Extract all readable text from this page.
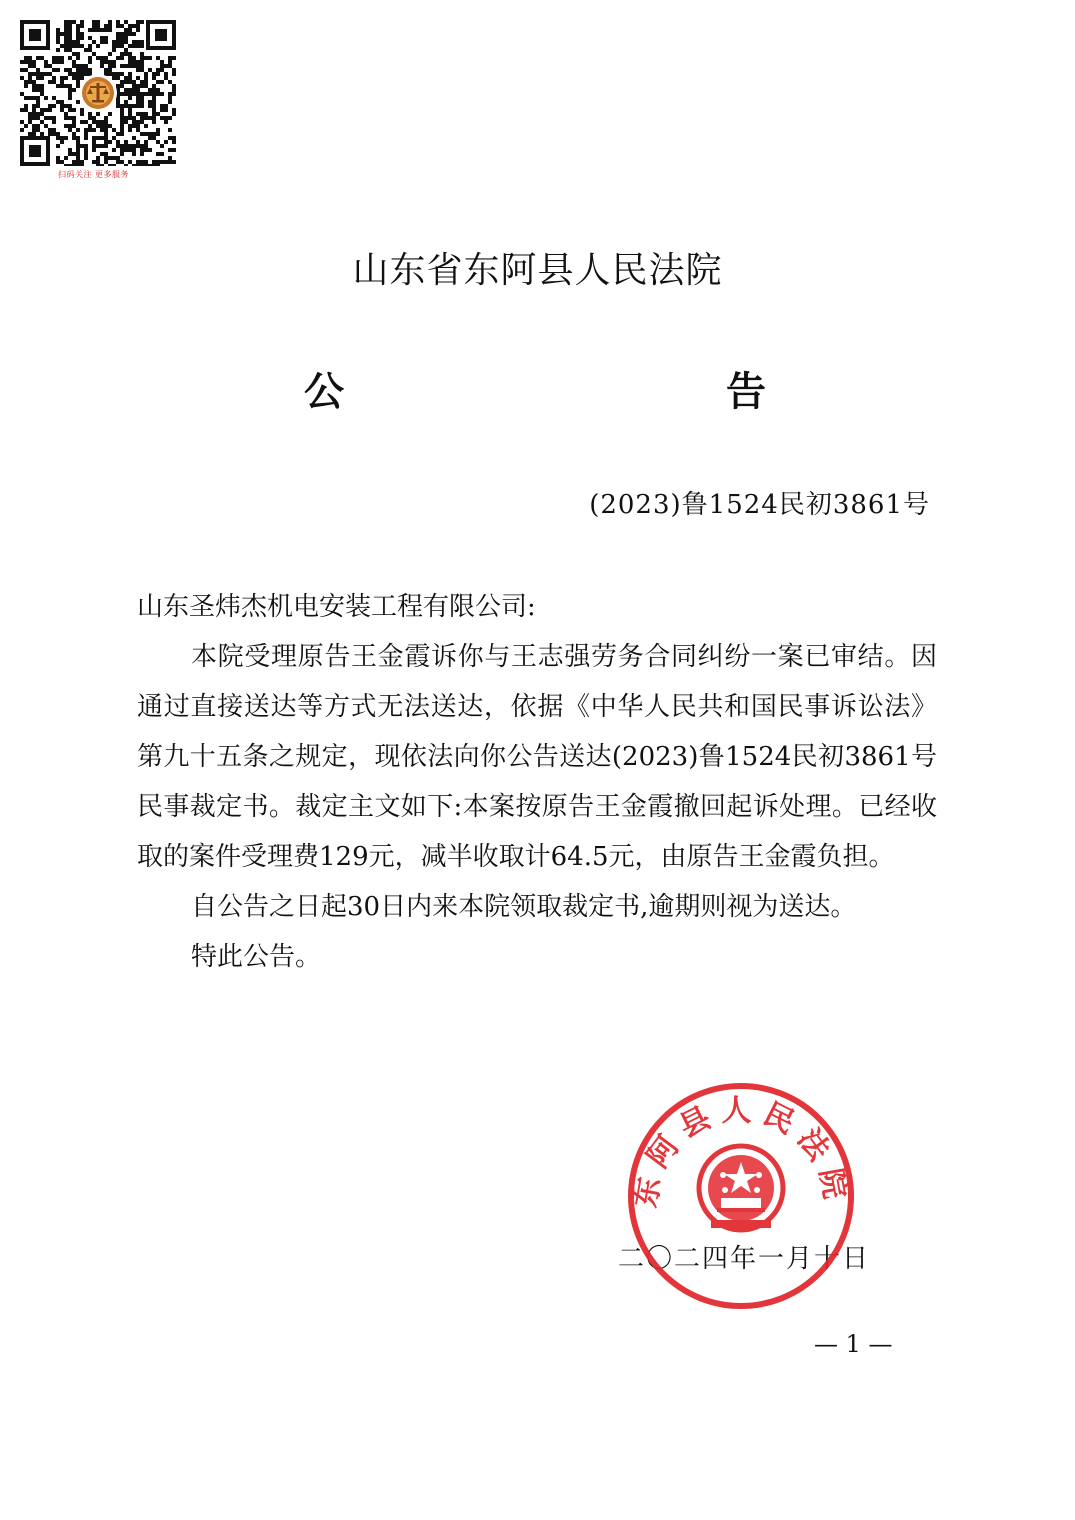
扫码关注 更多服务
山东省东阿县人民法院
公	告
(2023)鲁1524民初3861号

山东圣炜杰机电安装工程有限公司:

本院受理原告王金霞诉你与王志强劳务合同纠纷一案已审结。因通过直接送达等方式无法送达，依据《中华人民共和国民事诉讼法》第九十五条之规定，现依法向你公告送达(2023)鲁1524民初3861号民事裁定书。裁定主文如下:本案按原告王金霞撤回起诉处理。已经收取的案件受理费129元，减半收取计64.5元，由原告王金霞负担。

自公告之日起30日内来本院领取裁定书,逾期则视为送达。

特此公告。

二〇二四年一月十日
东阿县人民法院
— 1 —
